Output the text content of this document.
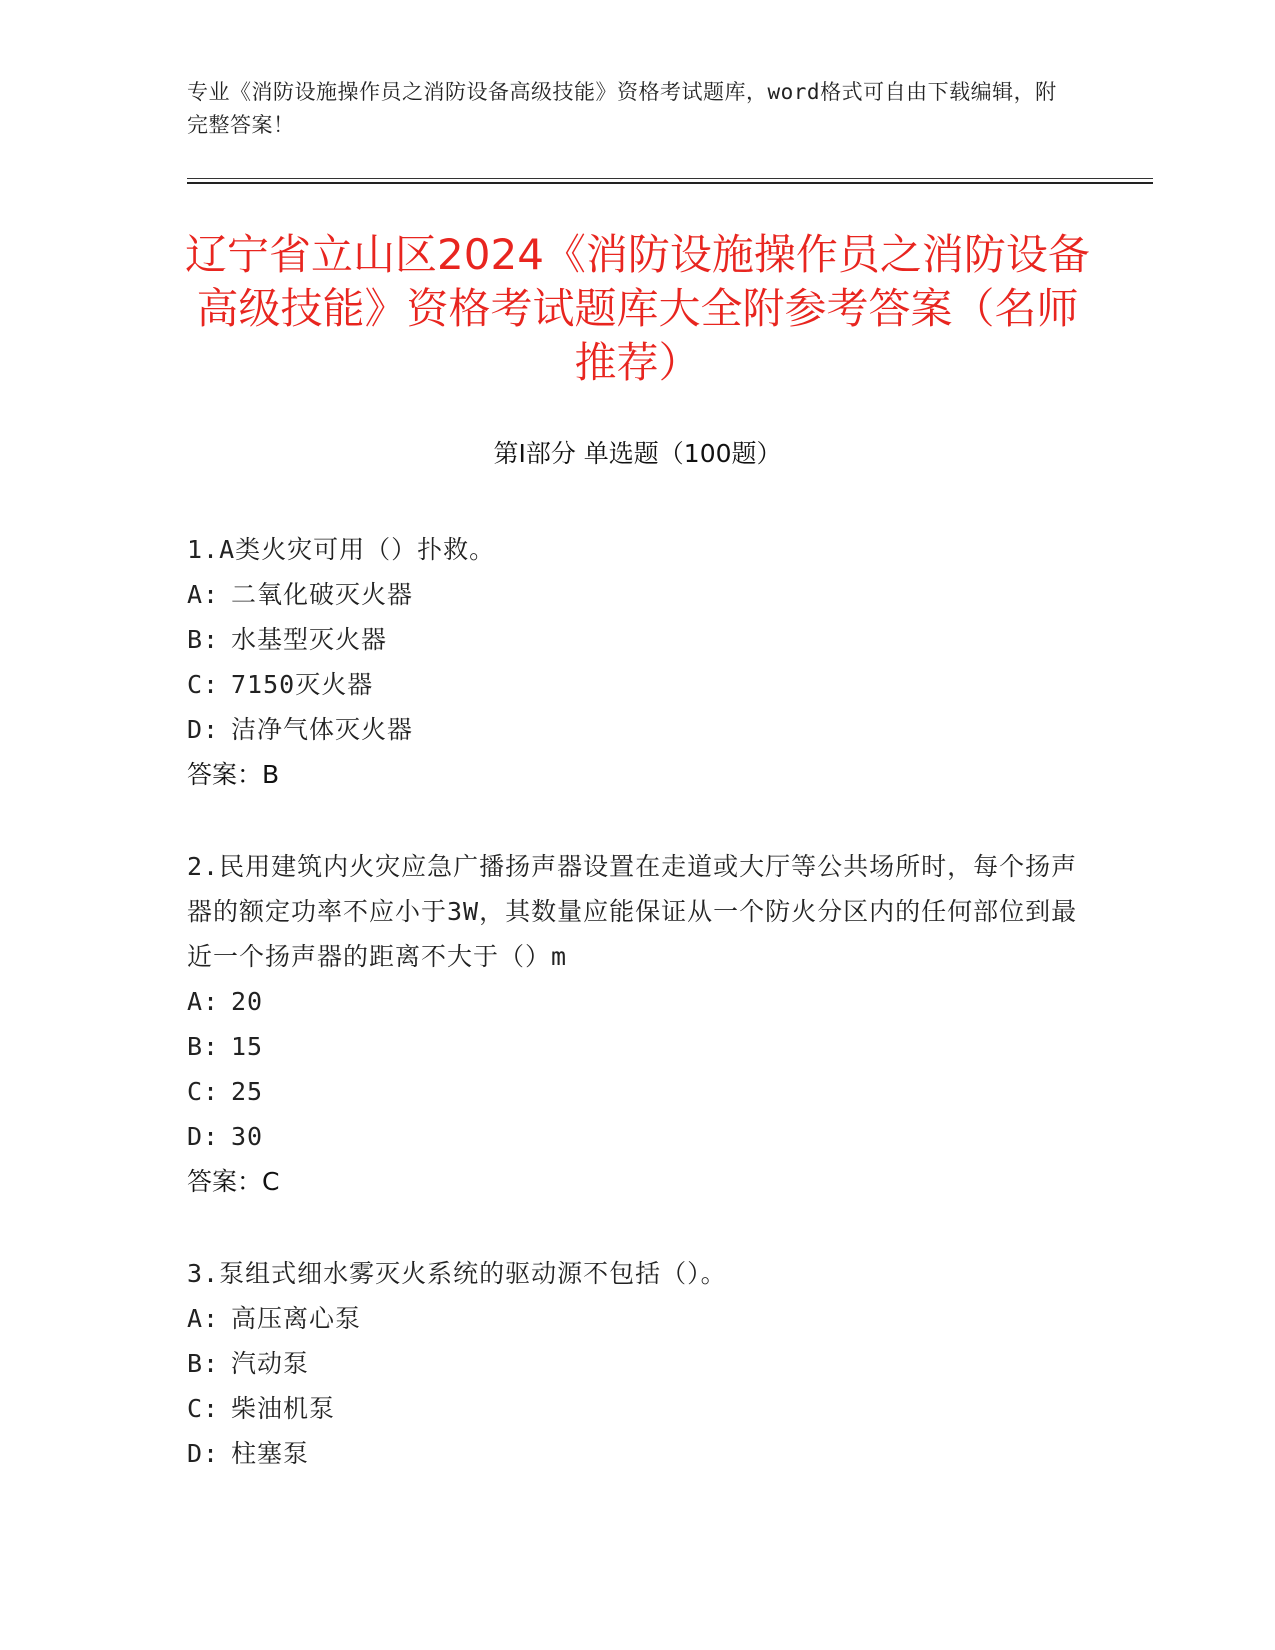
专业《消防设施操作员之消防设备高级技能》资格考试题库，word格式可自由下载编辑，附完整答案！
辽宁省立山区2024《消防设施操作员之消防设备高级技能》资格考试题库大全附参考答案（名师推荐）
第Ⅰ部分 单选题（100题）
1.A类火灾可用（）扑救。
A: 二氧化破灭火器
B: 水基型灭火器
C: 7150灭火器
D: 洁净气体灭火器
答案：B
2.民用建筑内火灾应急广播扬声器设置在走道或大厅等公共场所时，每个扬声器的额定功率不应小于3W，其数量应能保证从一个防火分区内的任何部位到最近一个扬声器的距离不大于（）m
A: 20
B: 15
C: 25
D: 30
答案：C
3.泵组式细水雾灭火系统的驱动源不包括（）。
A: 高压离心泵
B: 汽动泵
C: 柴油机泵
D: 柱塞泵
